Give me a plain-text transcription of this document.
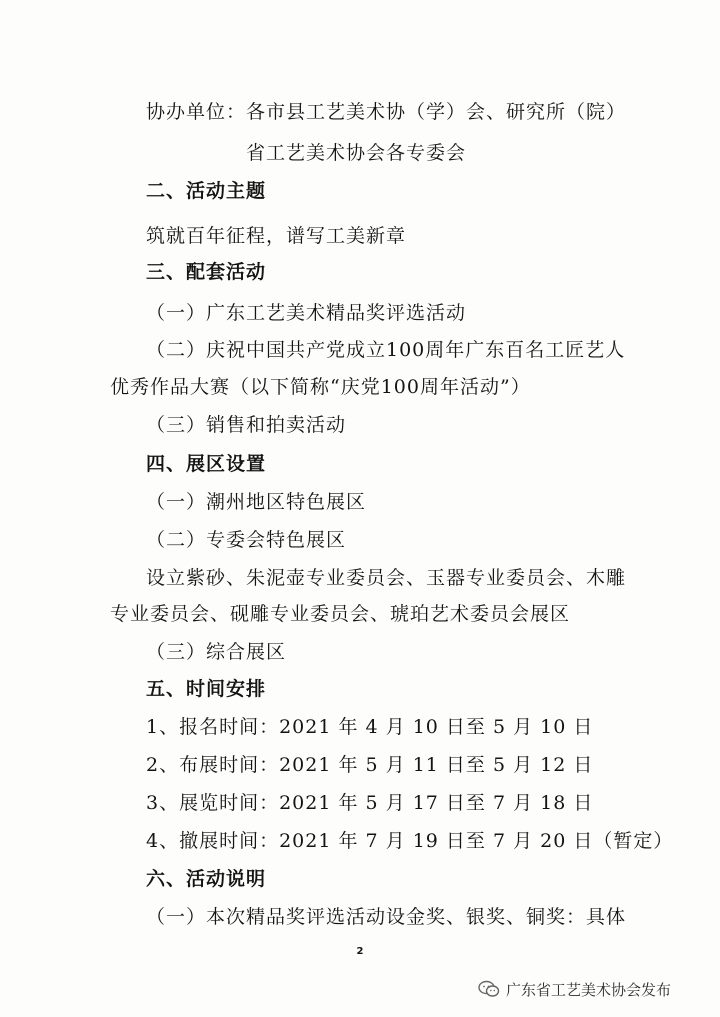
协办单位：各市县工艺美术协（学）会、研究所（院）
省工艺美术协会各专委会
二、活动主题
筑就百年征程，谱写工美新章
三、配套活动
（一）广东工艺美术精品奖评选活动
（二）庆祝中国共产党成立100周年广东百名工匠艺人
优秀作品大赛（以下简称“庆党100周年活动”）
（三）销售和拍卖活动
四、展区设置
（一）潮州地区特色展区
（二）专委会特色展区
设立紫砂、朱泥壶专业委员会、玉器专业委员会、木雕
专业委员会、砚雕专业委员会、琥珀艺术委员会展区
（三）综合展区
五、时间安排
1、报名时间：2021 年 4 月 10 日至 5 月 10 日
2、布展时间：2021 年 5 月 11 日至 5 月 12 日
3、展览时间：2021 年 5 月 17 日至 7 月 18 日
4、撤展时间：2021 年 7 月 19 日至 7 月 20 日（暂定）
六、活动说明
（一）本次精品奖评选活动设金奖、银奖、铜奖：具体
2
广东省工艺美术协会发布
